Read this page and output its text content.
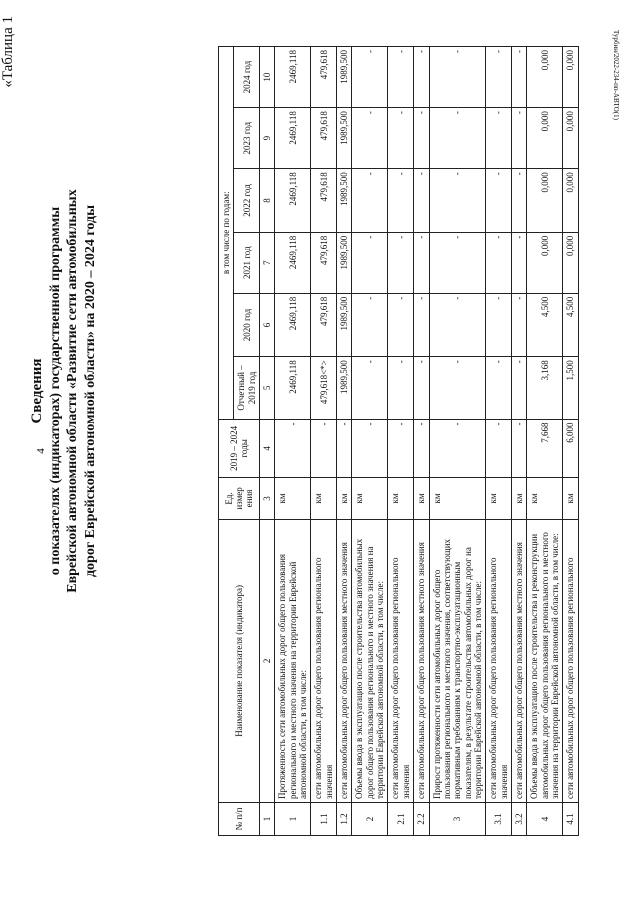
4
Турбин/2022-234-пп-АВТО(1)
«Таблица 1
Сведения о показателях (индикаторах) государственной программы Еврейской автономной области «Развитие сети автомобильных дорог Еврейской автономной области» на 2020 – 2024 годы
№ п/п	Наименование показателя (индикатора)	Ед. измер ения	2019 – 2024 годы	в том числе по годам:					
				Отчетный – 2019 год	2020 год	2021 год	2022 год	2023 год	2024 год
1	2	3	4	5	6	7	8	9	10
1	Протяженность сети автомобильных дорог общего пользования регионального и местного значения на территории Еврейской автономной области, в том числе:	км	-	2469,118	2469,118	2469,118	2469,118	2469,118	2469,118
1.1	сети автомобильных дорог общего пользования регионального значения	км	-	479,618<*>	479,618	479,618	479,618	479,618	479,618
1.2	сети автомобильных дорог общего пользования местного значения	км	-	1989,500	1989,500	1989,500	1989,500	1989,500	1989,500
2	Объемы ввода в эксплуатацию после строительства автомобильных дорог общего пользования регионального и местного значения на территории Еврейской автономной области, в том числе:	км	-	-	-	-	-	-	-
2.1	сети автомобильных дорог общего пользования регионального значения	км	-	-	-	-	-	-	-
2.2	сети автомобильных дорог общего пользования местного значения	км	-	-	-	-	-	-	-
3	Прирост протяженности сети автомобильных дорог общего пользования регионального и местного значения, соответствующих нормативным требованиям к транспортно-эксплуатационным показателям, в результате строительства автомобильных дорог на территории Еврейской автономной области, в том числе:	км	-	-	-	-	-	-	-
3.1	сети автомобильных дорог общего пользования регионального значения	км	-	-	-	-	-	-	-
3.2	сети автомобильных дорог общего пользования местного значения	км	-	-	-	-	-	-	-
4	Объемы ввода в эксплуатацию после строительства и реконструкции автомобильных дорог общего пользования регионального и местного значения на территории Еврейской автономной области, в том числе:	км	7,668	3,168	4,500	0,000	0,000	0,000	0,000
4.1	сети автомобильных дорог общего пользования регионального	км	6,000	1,500	4,500	0,000	0,000	0,000	0,000
